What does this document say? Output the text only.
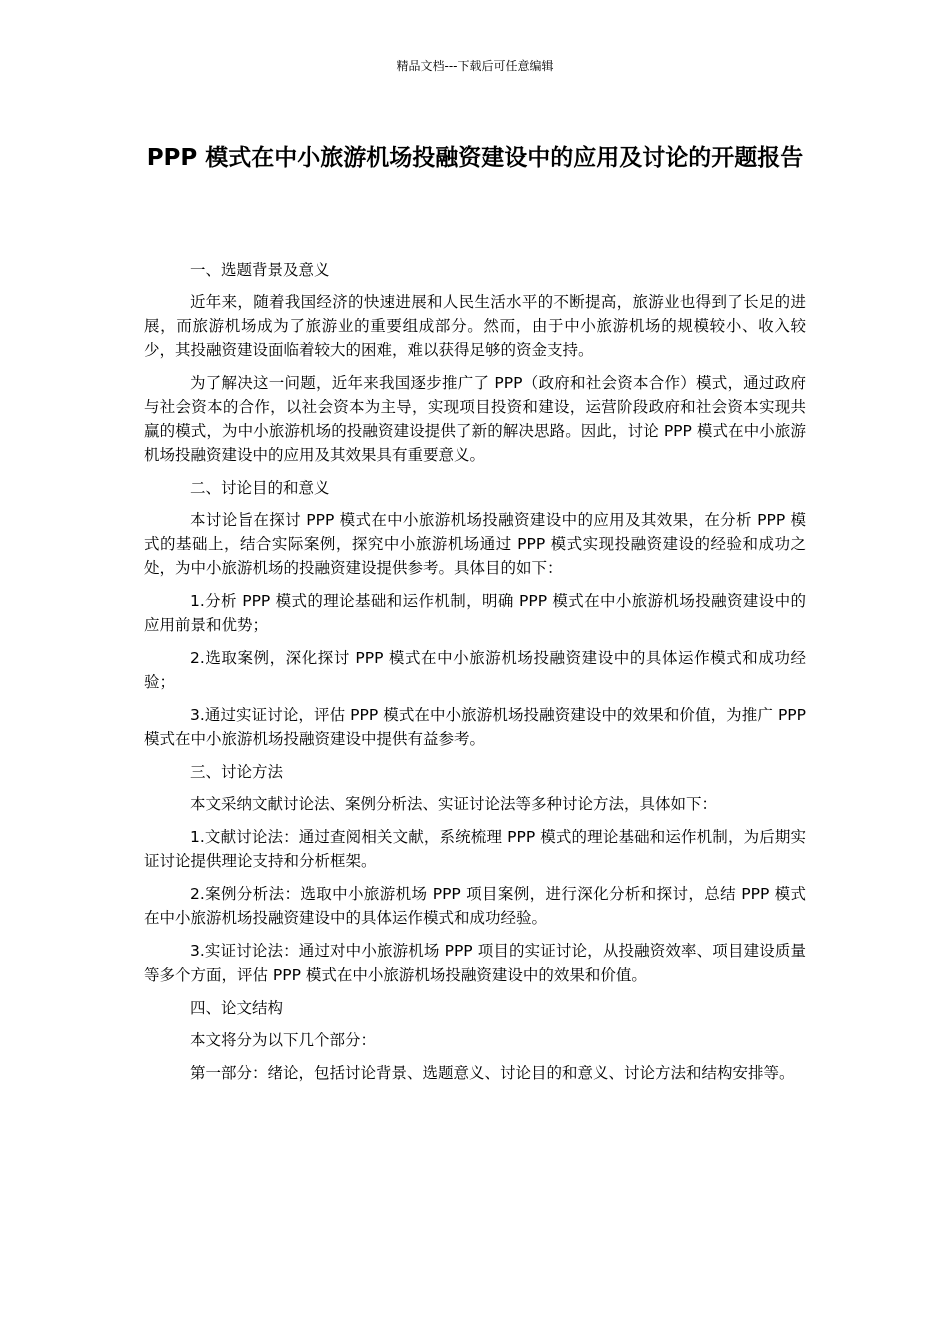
精品文档---下载后可任意编辑
PPP 模式在中小旅游机场投融资建设中的应用及讨论的开题报告

一、选题背景及意义

近年来，随着我国经济的快速进展和人民生活水平的不断提高，旅游业也得到了长足的进展，而旅游机场成为了旅游业的重要组成部分。然而，由于中小旅游机场的规模较小、收入较少，其投融资建设面临着较大的困难，难以获得足够的资金支持。

为了解决这一问题，近年来我国逐步推广了 PPP（政府和社会资本合作）模式，通过政府与社会资本的合作，以社会资本为主导，实现项目投资和建设，运营阶段政府和社会资本实现共赢的模式，为中小旅游机场的投融资建设提供了新的解决思路。因此，讨论 PPP 模式在中小旅游机场投融资建设中的应用及其效果具有重要意义。

二、讨论目的和意义

本讨论旨在探讨 PPP 模式在中小旅游机场投融资建设中的应用及其效果，在分析 PPP 模式的基础上，结合实际案例，探究中小旅游机场通过 PPP 模式实现投融资建设的经验和成功之处，为中小旅游机场的投融资建设提供参考。具体目的如下：

1.分析 PPP 模式的理论基础和运作机制，明确 PPP 模式在中小旅游机场投融资建设中的应用前景和优势；

2.选取案例，深化探讨 PPP 模式在中小旅游机场投融资建设中的具体运作模式和成功经验；

3.通过实证讨论，评估 PPP 模式在中小旅游机场投融资建设中的效果和价值，为推广 PPP 模式在中小旅游机场投融资建设中提供有益参考。

三、讨论方法

本文采纳文献讨论法、案例分析法、实证讨论法等多种讨论方法，具体如下：

1.文献讨论法：通过查阅相关文献，系统梳理 PPP 模式的理论基础和运作机制，为后期实证讨论提供理论支持和分析框架。

2.案例分析法：选取中小旅游机场 PPP 项目案例，进行深化分析和探讨，总结 PPP 模式在中小旅游机场投融资建设中的具体运作模式和成功经验。

3.实证讨论法：通过对中小旅游机场 PPP 项目的实证讨论，从投融资效率、项目建设质量等多个方面，评估 PPP 模式在中小旅游机场投融资建设中的效果和价值。

四、论文结构

本文将分为以下几个部分：

第一部分：绪论，包括讨论背景、选题意义、讨论目的和意义、讨论方法和结构安排等。
